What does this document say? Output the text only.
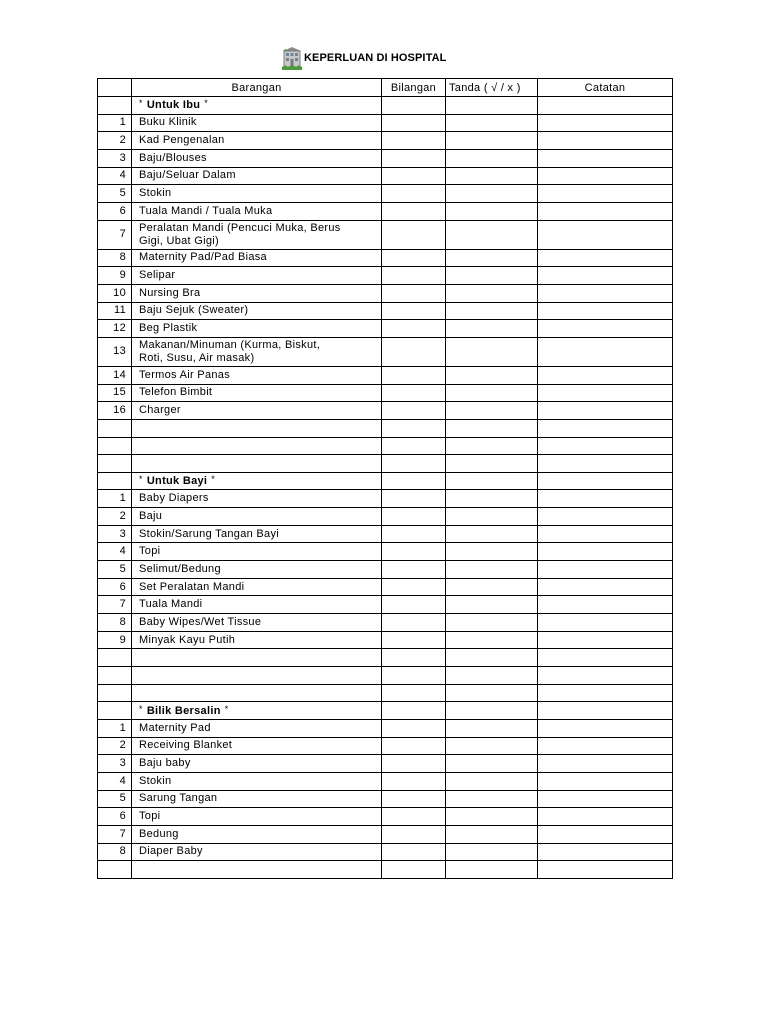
KEPERLUAN DI HOSPITAL
	Barangan	Bilangan	Tanda ( √ / x )	Catatan
	* Untuk Ibu *			
1	Buku Klinik			

2	Kad Pengenalan			

3	Baju/Blouses			

4	Baju/Seluar Dalam			

5	Stokin			

6	Tuala Mandi / Tuala Muka			

7	Peralatan Mandi (Pencuci Muka, Berus Gigi, Ubat Gigi)			

8	Maternity Pad/Pad Biasa			

9	Selipar			

10	Nursing Bra			

11	Baju Sejuk (Sweater)			

12	Beg Plastik			

13	Makanan/Minuman (Kurma, Biskut, Roti, Susu, Air masak)			

14	Termos Air Panas			

15	Telefon Bimbit			

16	Charger			

	* Untuk Bayi *			
1	Baby Diapers			

2	Baju			

3	Stokin/Sarung Tangan Bayi			

4	Topi			

5	Selimut/Bedung			

6	Set Peralatan Mandi			

7	Tuala Mandi			

8	Baby Wipes/Wet Tissue			

9	Minyak Kayu Putih			

	* Bilik Bersalin *			
1	Maternity Pad			

2	Receiving Blanket			

3	Baju baby			

4	Stokin			

5	Sarung Tangan			

6	Topi			

7	Bedung			

8	Diaper Baby			
